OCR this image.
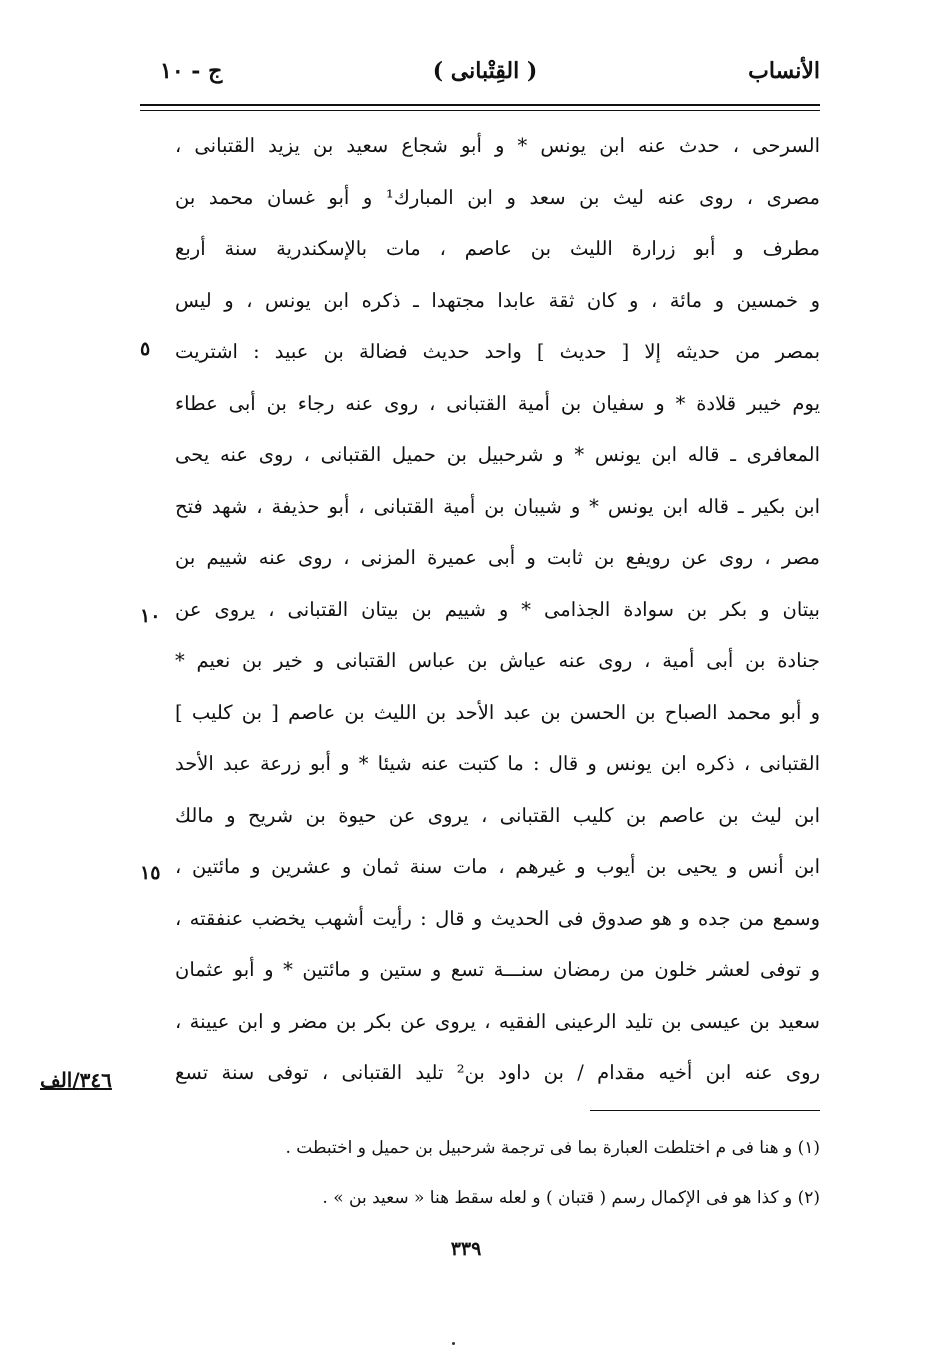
الأنساب
( القِتْبانى )
ج - ١٠
السرحى ، حدث عنه ابن يونس * و أبو شجاع سعيد بن يزيد القتبانى ،
مصرى ، روى عنه ليث بن سعد و ابن المبارك¹ و أبو غسان محمد بن
مطرف و أبو زرارة الليث بن عاصم ، مات بالإسكندرية سنة أربع
و خمسين و مائة ، و كان ثقة عابدا مجتهدا ـ ذكره ابن يونس ، و ليس
بمصر من حديثه إلا [ حديث ] واحد حديث فضالة بن عبيد : اشتريت
يوم خيبر قلادة * و سفيان بن أمية القتبانى ، روى عنه رجاء بن أبى عطاء
المعافرى ـ قاله ابن يونس * و شرحبيل بن حميل القتبانى ، روى عنه يحى
ابن بكير ـ قاله ابن يونس * و شيبان بن أمية القتبانى ، أبو حذيفة ، شهد فتح
مصر ، روى عن رويفع بن ثابت و أبى عميرة المزنى ، روى عنه شييم بن
بيتان و بكر بن سوادة الجذامى * و شييم بن بيتان القتبانى ، يروى عن
جنادة بن أبى أمية ، روى عنه عياش بن عباس القتبانى و خير بن نعيم *
و أبو محمد الصباح بن الحسن بن عبد الأحد بن الليث بن عاصم [ بن كليب ]
القتبانى ، ذكره ابن يونس و قال : ما كتبت عنه شيئا * و أبو زرعة عبد الأحد
ابن ليث بن عاصم بن كليب القتبانى ، يروى عن حيوة بن شريح و مالك
ابن أنس و يحيى بن أيوب و غيرهم ، مات سنة ثمان و عشرين و مائتين ،
وسمع من جده و هو صدوق فى الحديث و قال : رأيت أشهب يخضب عنفقته ،
و توفى لعشر خلون من رمضان سنـــة تسع و ستين و مائتين * و أبو عثمان
سعيد بن عيسى بن تليد الرعينى الفقيه ، يروى عن بكر بن مضر و ابن عيينة ،
روى عنه ابن أخيه مقدام / بن داود بن² تليد القتبانى ، توفى سنة تسع
٥
١٠
١٥
٣٤٦/الف
(١) و هنا فى م اختلطت العبارة بما فى ترجمة شرحبيل بن حميل و اختبطت .
(٢) و كذا هو فى الإكمال رسم ( قتبان ) و لعله سقط هنا « سعيد بن » .
٣٣٩
